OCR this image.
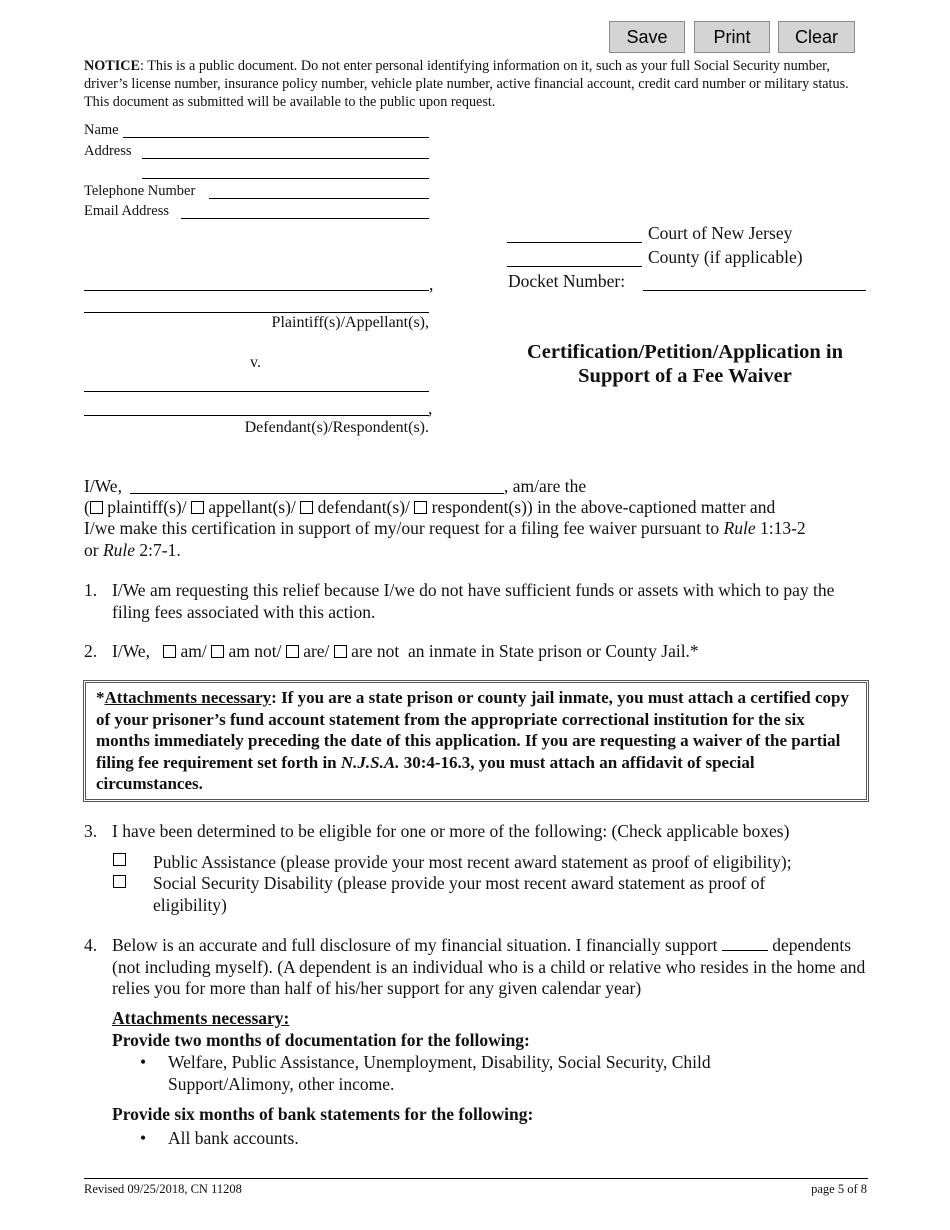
Save	Print	Clear
NOTICE: This is a public document. Do not enter personal identifying information on it, such as your full Social Security number, driver’s license number, insurance policy number, vehicle plate number, active financial account, credit card number or military status. This document as submitted will be available to the public upon request.
Name
Address
Telephone Number
Email Address
Court of New Jersey
County (if applicable)
Docket Number:
,
Plaintiff(s)/Appellant(s),
v.
,
Defendant(s)/Respondent(s).
Certification/Petition/Application in
Support of a Fee Waiver
I/We,	, am/are the
( plaintiff(s)/ appellant(s)/ defendant(s)/ respondent(s)) in the above-captioned matter and
I/we make this certification in support of my/our request for a filing fee waiver pursuant to Rule 1:13-2
or Rule 2:7-1.
1. I/We am requesting this relief because I/we do not have sufficient funds or assets with which to pay the filing fees associated with this action.
2. I/We, am/ am not/ are/ are not an inmate in State prison or County Jail.*
*Attachments necessary: If you are a state prison or county jail inmate, you must attach a certified copy of your prisoner’s fund account statement from the appropriate correctional institution for the six months immediately preceding the date of this application. If you are requesting a waiver of the partial filing fee requirement set forth in N.J.S.A. 30:4-16.3, you must attach an affidavit of special circumstances.
3. I have been determined to be eligible for one or more of the following: (Check applicable boxes)
Public Assistance (please provide your most recent award statement as proof of eligibility);
Social Security Disability (please provide your most recent award statement as proof of eligibility)
4. Below is an accurate and full disclosure of my financial situation. I financially support	dependents (not including myself). (A dependent is an individual who is a child or relative who resides in the home and relies you for more than half of his/her support for any given calendar year)
Attachments necessary:
Provide two months of documentation for the following:
• Welfare, Public Assistance, Unemployment, Disability, Social Security, Child Support/Alimony, other income.
Provide six months of bank statements for the following:
• All bank accounts.
Revised 09/25/2018, CN 11208	page 5 of 8
